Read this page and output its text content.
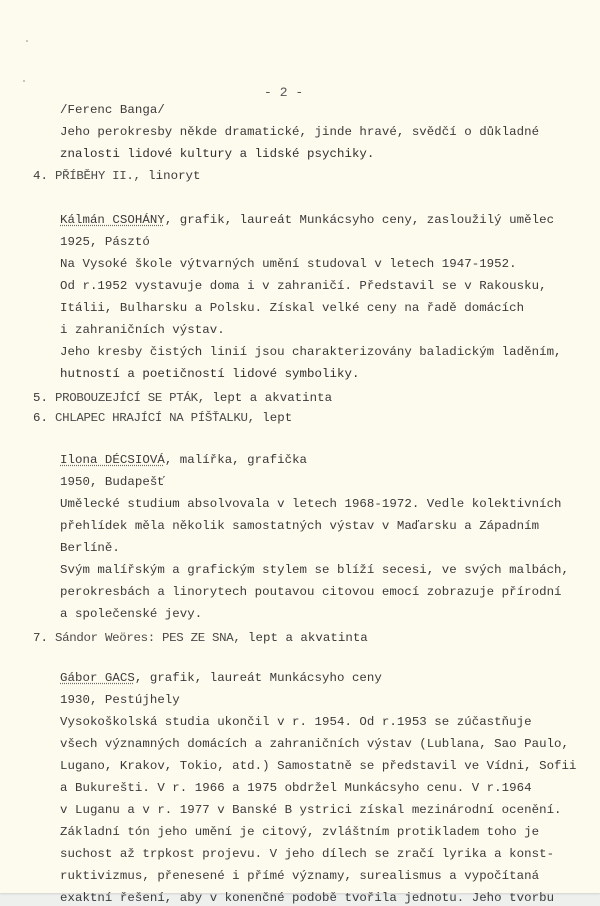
- 2 -
/Ferenc Banga/
Jeho perokresby někde dramatické, jinde hravé, svědčí o důkladné
znalosti lidové kultury a lidské psychiky.
4. PŘÍBĚHY II., linoryt
Kálmán CSOHÁNY, grafik, laureát Munkácsyho ceny, zasloužilý umělec
1925, Pásztó
Na Vysoké škole výtvarných umění studoval v letech 1947-1952.
Od r.1952 vystavuje doma i v zahraničí. Představil se v Rakousku,
Itálii, Bulharsku a Polsku. Získal velké ceny na řadě domácích
i zahraničních výstav.
Jeho kresby čistých linií jsou charakterizovány baladickým laděním,
hutností a poetičností lidové symboliky.
5. PROBOUZEJÍCÍ SE PTÁK, lept a akvatinta
6. CHLAPEC HRAJÍCÍ NA PÍŠŤALKU, lept
Ilona DÉCSIOVÁ, malířka, grafička
1950, Budapešť
Umělecké studium absolvovala v letech 1968-1972. Vedle kolektivních
přehlídek měla několik samostatných výstav v Maďarsku a Západním
Berlíně.
Svým malířským a grafickým stylem se blíží secesi, ve svých malbách,
perokresbách a linorytech poutavou citovou emocí zobrazuje přírodní
a společenské jevy.
7. Sándor Weöres: PES ZE SNA, lept a akvatinta
Gábor GACS, grafik, laureát Munkácsyho ceny
1930, Pestújhely
Vysokoškolská studia ukončil v r. 1954. Od r.1953 se zúčastňuje
všech významných domácích a zahraničních výstav (Lublana, Sao Paulo,
Lugano, Krakov, Tokio, atd.) Samostatně se představil ve Vídni, Sofii
a Bukurešti. V r. 1966 a 1975 obdržel Munkácsyho cenu. V r.1964
v Luganu a v r. 1977 v Banské B ystrici získal mezinárodní ocenění.
Základní tón jeho umění je citový, zvláštním protikladem toho je
suchost až trpkost projevu. V jeho dílech se zračí lyrika a konst-
ruktivizmus, přenesené i přímé významy, surealismus a vypočítaná
exaktní řešení, aby v konenčné podobě tvořila jednotu. Jeho tvorbu
